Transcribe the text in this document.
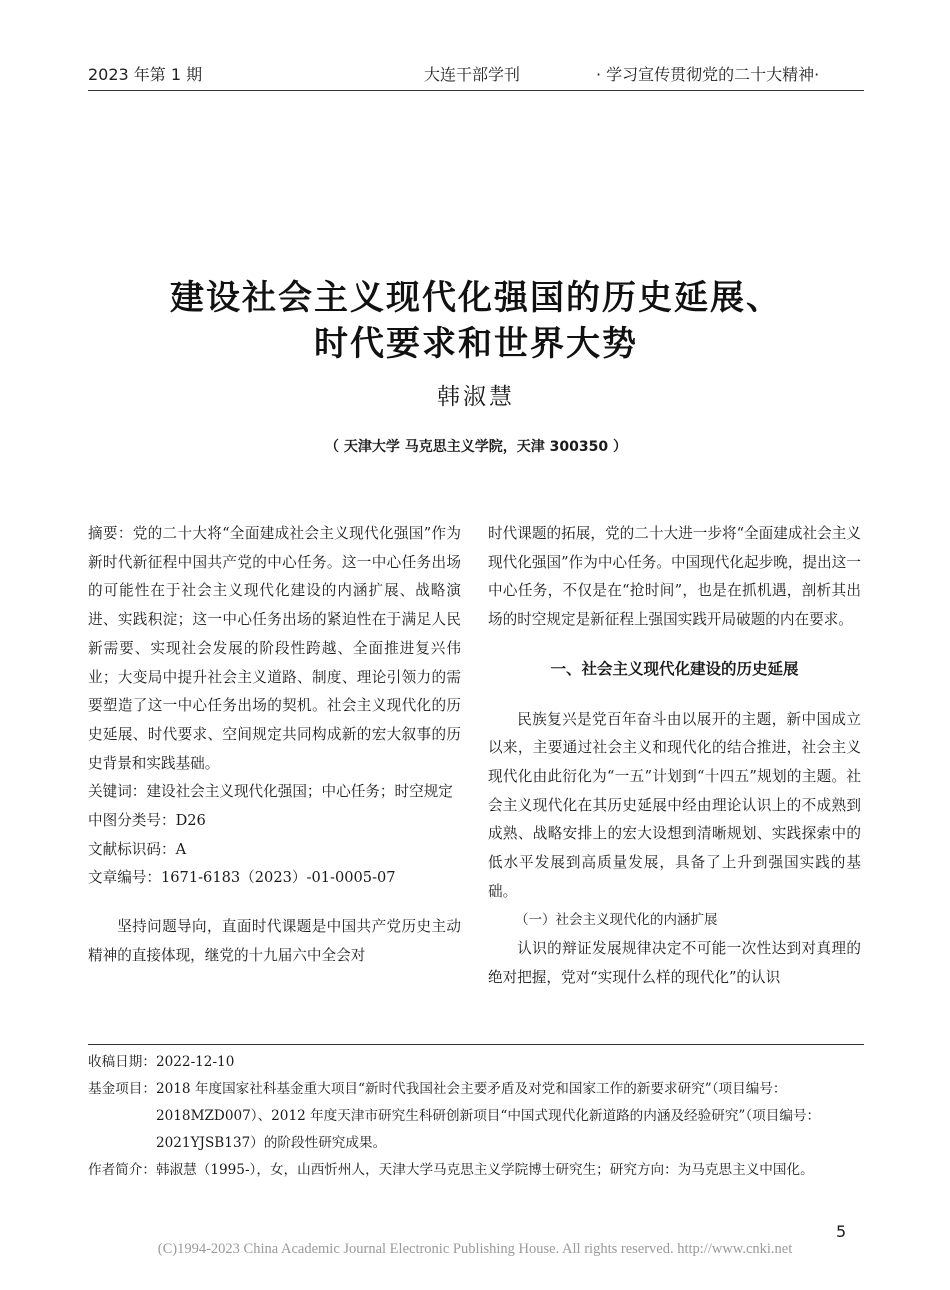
2023 年第 1 期	大连干部学刊	· 学习宣传贯彻党的二十大精神·
建设社会主义现代化强国的历史延展、
时代要求和世界大势
韩淑慧
（ 天津大学 马克思主义学院，天津 300350 ）

摘要：党的二十大将“全面建成社会主义现代化强国”作为新时代新征程中国共产党的中心任务。这一中心任务出场的可能性在于社会主义现代化建设的内涵扩展、战略演进、实践积淀；这一中心任务出场的紧迫性在于满足人民新需要、实现社会发展的阶段性跨越、全面推进复兴伟业；大变局中提升社会主义道路、制度、理论引领力的需要塑造了这一中心任务出场的契机。社会主义现代化的历史延展、时代要求、空间规定共同构成新的宏大叙事的历史背景和实践基础。

关键词：建设社会主义现代化强国；中心任务；时空规定

中图分类号：D26

文献标识码：A

文章编号：1671-6183（2023）-01-0005-07

坚持问题导向，直面时代课题是中国共产党历史主动精神的直接体现，继党的十九届六中全会对

时代课题的拓展，党的二十大进一步将“全面建成社会主义现代化强国”作为中心任务。中国现代化起步晚，提出这一中心任务，不仅是在“抢时间”，也是在抓机遇，剖析其出场的时空规定是新征程上强国实践开局破题的内在要求。

一、社会主义现代化建设的历史延展

民族复兴是党百年奋斗由以展开的主题，新中国成立以来，主要通过社会主义和现代化的结合推进，社会主义现代化由此衍化为“一五”计划到“十四五”规划的主题。社会主义现代化在其历史延展中经由理论认识上的不成熟到成熟、战略安排上的宏大设想到清晰规划、实践探索中的低水平发展到高质量发展，具备了上升到强国实践的基础。

（一）社会主义现代化的内涵扩展

认识的辩证发展规律决定不可能一次性达到对真理的绝对把握，党对“实现什么样的现代化”的认识

收稿日期： 2022-12-10
基金项目： 2018 年度国家社科基金重大项目“新时代我国社会主要矛盾及对党和国家工作的新要求研究”（项目编号：2018MZD007）、2012 年度天津市研究生科研创新项目“中国式现代化新道路的内涵及经验研究”（项目编号：2021YJSB137）的阶段性研究成果。
作者简介： 韩淑慧（1995-），女，山西忻州人，天津大学马克思主义学院博士研究生；研究方向：为马克思主义中国化。
5
(C)1994-2023 China Academic Journal Electronic Publishing House. All rights reserved. http://www.cnki.net
